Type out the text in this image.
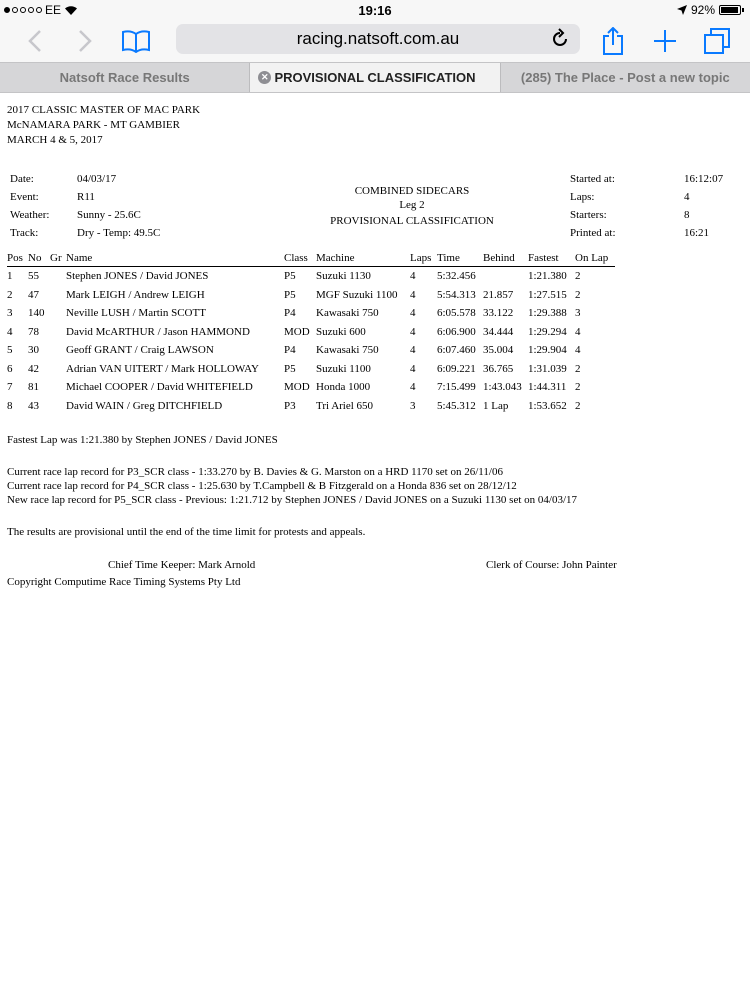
EE	19:16	92%
racing.natsoft.com.au
Natsoft Race Results	✕ PROVISIONAL CLASSIFICATION	(285) The Place - Post a new topic
2017 CLASSIC MASTER OF MAC PARK
McNAMARA PARK - MT GAMBIER
MARCH 4 & 5, 2017
Date:	04/03/17
Event:	R11
Weather:	Sunny - 25.6C
Track:	Dry - Temp: 49.5C
COMBINED SIDECARS
Leg 2
PROVISIONAL CLASSIFICATION
Started at:	16:12:07
Laps:	4
Starters:	8
Printed at:	16:21
Pos	No	Gr	Name	Class	Machine	Laps	Time	Behind	Fastest	On Lap
1	55		Stephen JONES / David JONES	P5	Suzuki 1130	4	5:32.456		1:21.380	2
2	47		Mark LEIGH / Andrew LEIGH	P5	MGF Suzuki 1100	4	5:54.313	21.857	1:27.515	2
3	140		Neville LUSH / Martin SCOTT	P4	Kawasaki 750	4	6:05.578	33.122	1:29.388	3
4	78		David McARTHUR / Jason HAMMOND	MOD	Suzuki 600	4	6:06.900	34.444	1:29.294	4
5	30		Geoff GRANT / Craig LAWSON	P4	Kawasaki 750	4	6:07.460	35.004	1:29.904	4
6	42		Adrian VAN UITERT / Mark HOLLOWAY	P5	Suzuki 1100	4	6:09.221	36.765	1:31.039	2
7	81		Michael COOPER / David WHITEFIELD	MOD	Honda 1000	4	7:15.499	1:43.043	1:44.311	2
8	43		David WAIN / Greg DITCHFIELD	P3	Tri Ariel 650	3	5:45.312	1 Lap	1:53.652	2
Fastest Lap was 1:21.380 by Stephen JONES / David JONES
Current race lap record for P3_SCR class - 1:33.270 by B. Davies & G. Marston on a HRD 1170 set on 26/11/06
Current race lap record for P4_SCR class - 1:25.630 by T.Campbell & B Fitzgerald on a Honda 836 set on 28/12/12
New race lap record for P5_SCR class - Previous: 1:21.712 by Stephen JONES / David JONES on a Suzuki 1130 set on 04/03/17
The results are provisional until the end of the time limit for protests and appeals.
Chief Time Keeper: Mark Arnold	Clerk of Course: John Painter
Copyright Computime Race Timing Systems Pty Ltd
